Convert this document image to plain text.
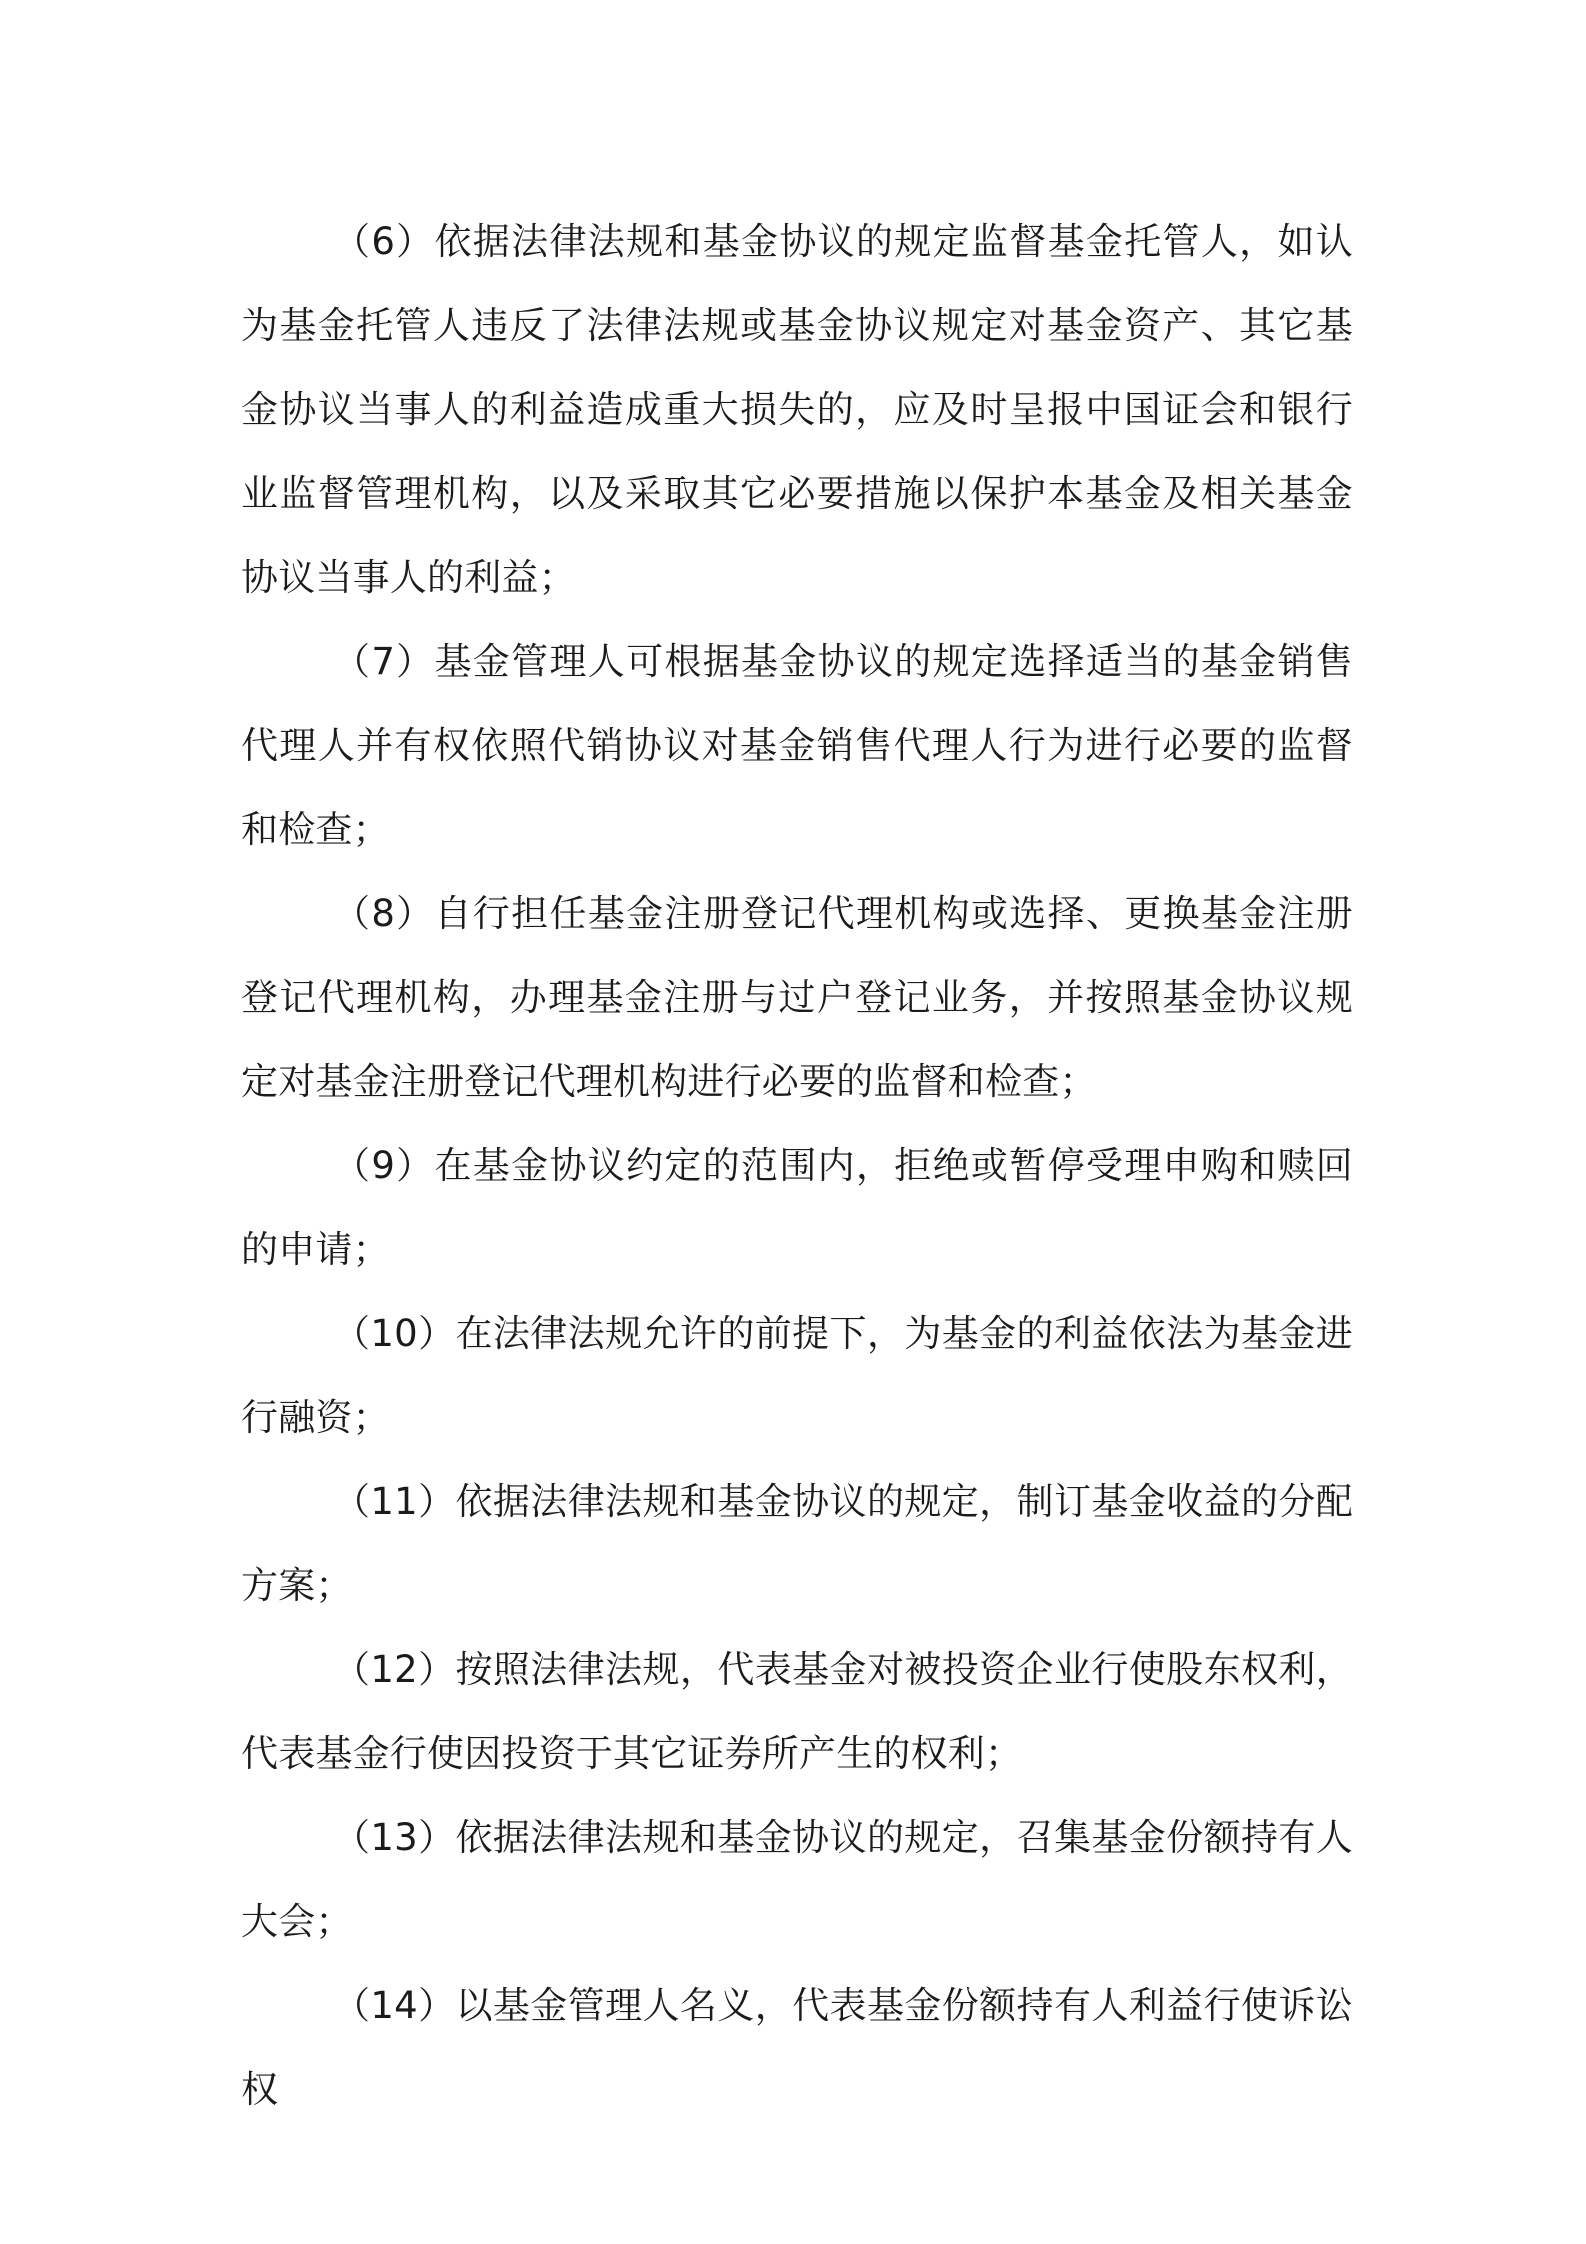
（6）依据法律法规和基金协议的规定监督基金托管人，如认为基金托管人违反了法律法规或基金协议规定对基金资产、其它基金协议当事人的利益造成重大损失的，应及时呈报中国证会和银行业监督管理机构，以及采取其它必要措施以保护本基金及相关基金协议当事人的利益；

（7）基金管理人可根据基金协议的规定选择适当的基金销售代理人并有权依照代销协议对基金销售代理人行为进行必要的监督和检查；

（8）自行担任基金注册登记代理机构或选择、更换基金注册登记代理机构，办理基金注册与过户登记业务，并按照基金协议规定对基金注册登记代理机构进行必要的监督和检查；

（9）在基金协议约定的范围内，拒绝或暂停受理申购和赎回的申请；

（10）在法律法规允许的前提下，为基金的利益依法为基金进行融资；

（11）依据法律法规和基金协议的规定，制订基金收益的分配方案；

（12）按照法律法规，代表基金对被投资企业行使股东权利，代表基金行使因投资于其它证券所产生的权利；

（13）依据法律法规和基金协议的规定，召集基金份额持有人大会；

（14）以基金管理人名义，代表基金份额持有人利益行使诉讼权
